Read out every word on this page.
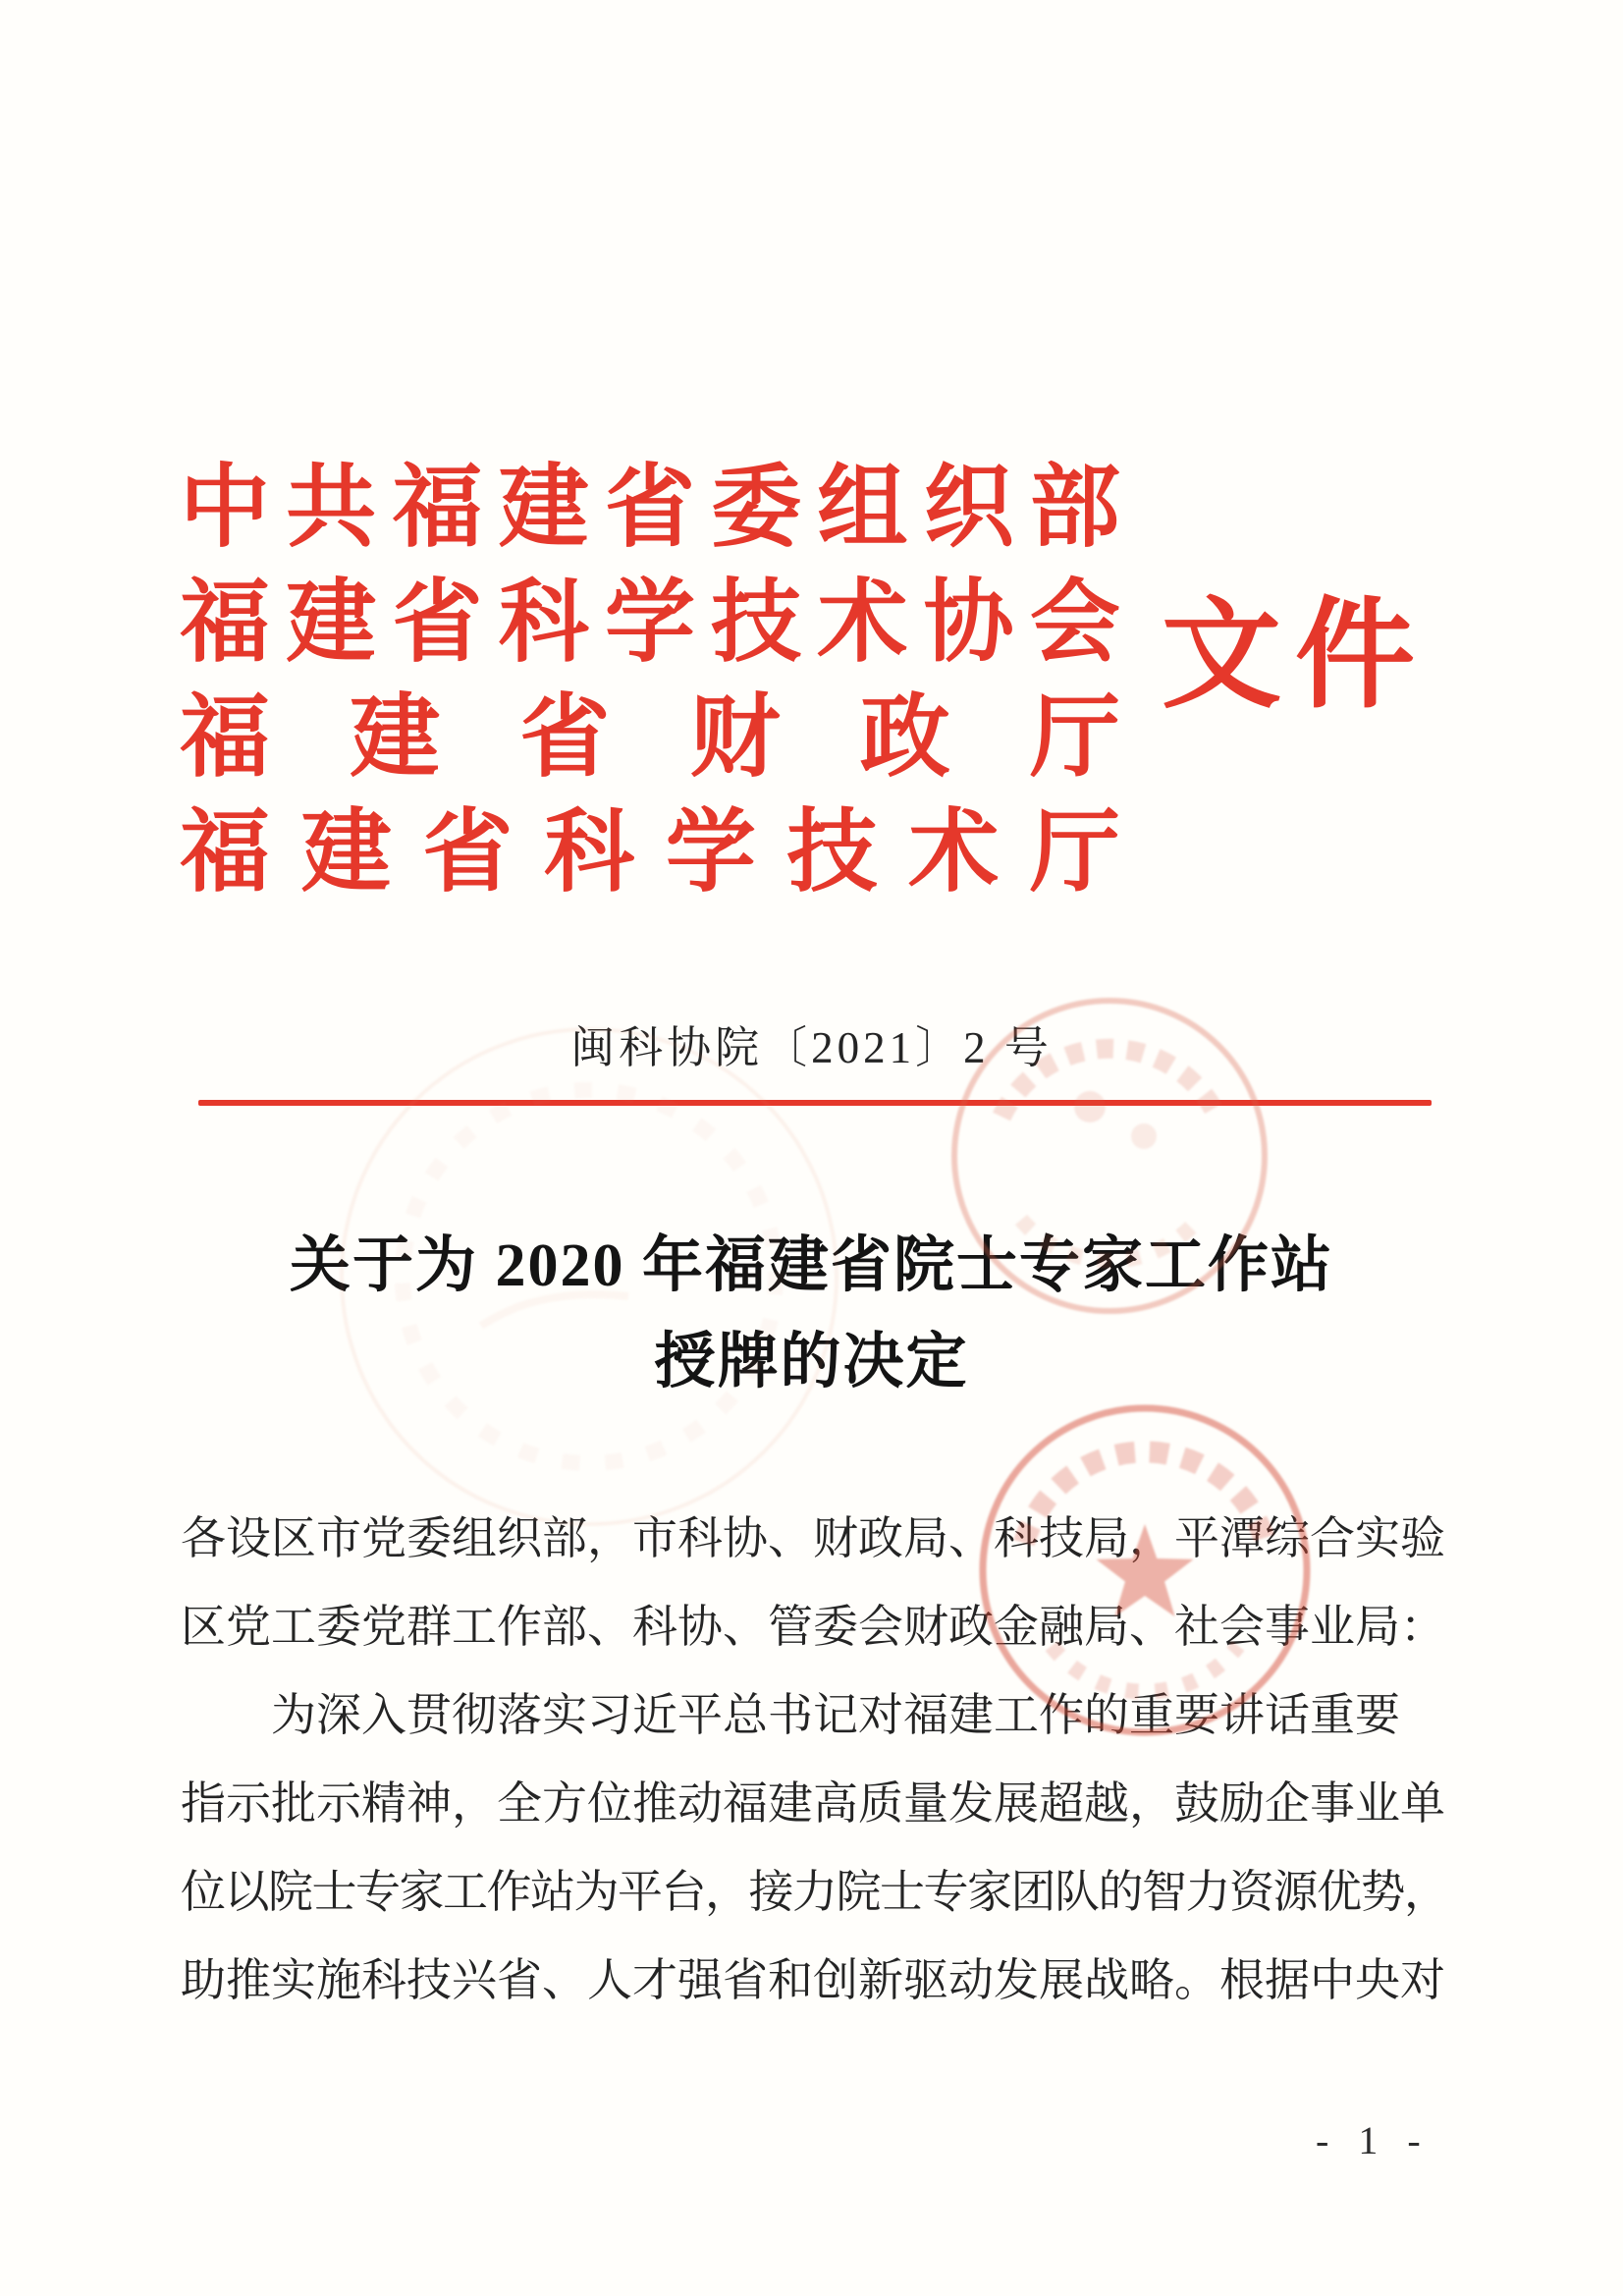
中 共 福 建 省 委 组 织 部
福 建 省 科 学 技 术 协 会
福 建 省 财 政 厅
福 建 省 科 学 技 术 厅
文件
闽科协院〔2021〕2 号
关于为 2020 年福建省院士专家工作站
授牌的决定
各设区市党委组织部，市科协、财政局、科技局，平潭综合实验
区党工委党群工作部、科协、管委会财政金融局、社会事业局：
为深入贯彻落实习近平总书记对福建工作的重要讲话重要
指示批示精神，全方位推动福建高质量发展超越，鼓励企事业单
位以院士专家工作站为平台，接力院士专家团队的智力资源优势，
助推实施科技兴省、人才强省和创新驱动发展战略。根据中央对
- 1 -
